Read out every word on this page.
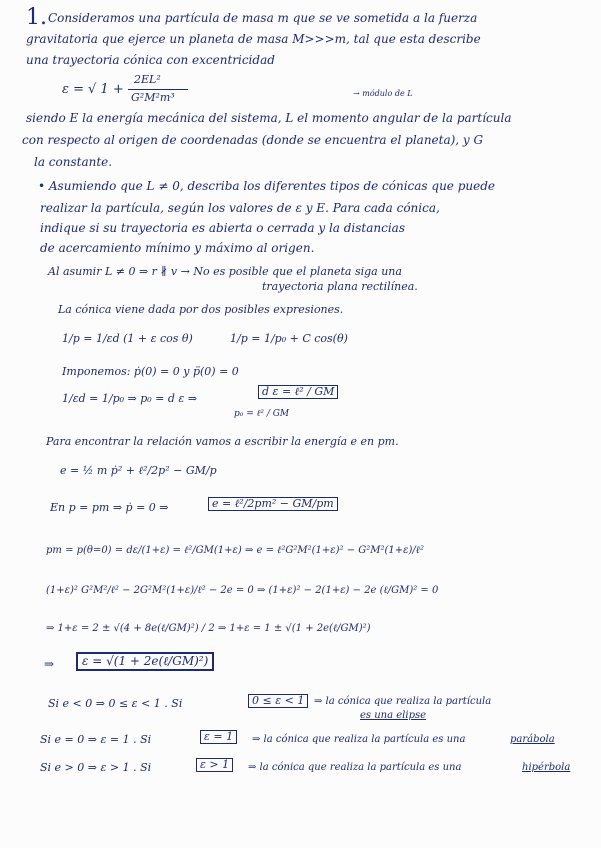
1. Consideramos una partícula de masa m que se ve sometida a la fuerza
gravitatoria que ejerce un planeta de masa M>>>m, tal que esta describe
una trayectoria cónica con excentricidad
ε = √ 1 +
2EL²
G²M²m³	→ módulo de L
siendo E la energía mecánica del sistema, L el momento angular de la partícula
con respecto al origen de coordenadas (donde se encuentra el planeta), y G
la constante.
• Asumiendo que L ≠ 0, describa los diferentes tipos de cónicas que puede
realizar la partícula, según los valores de ε y E. Para cada cónica,
indique si su trayectoria es abierta o cerrada y la distancias
de acercamiento mínimo y máximo al origen.
Al asumir L ≠ 0 ⇒ r ∦ v → No es posible que el planeta siga una
trayectoria plana rectilínea.
La cónica viene dada por dos posibles expresiones.
1/p = 1/εd (1 + ε cos θ)	1/p = 1/p₀ + C cos(θ)
Imponemos: ṗ(0) = 0 y p̈(0) = 0
1/εd = 1/p₀ ⇒ p₀ = d ε ⇒
d ε = ℓ² / GM
p₀ = ℓ² / GM
Para encontrar la relación vamos a escribir la energía e en pm.
e = ½ m ṗ² + ℓ²/2p² − GM/p
En p = pm ⇒ ṗ = 0 ⇒	e = ℓ²/2pm² − GM/pm
pm = p(θ=0) = dε/(1+ε) = ℓ²/GM(1+ε) ⇒ e = ℓ²G²M²(1+ε)² − G²M²(1+ε)/ℓ²
(1+ε)² G²M²/ℓ² − 2G²M²(1+ε)/ℓ² − 2e = 0 ⇒ (1+ε)² − 2(1+ε) − 2e (ℓ/GM)² = 0
⇒ 1+ε = 2 ± √(4 + 8e(ℓ/GM)²) / 2 ⇒ 1+ε = 1 ± √(1 + 2e(ℓ/GM)²)
⇒	ε = √(1 + 2e(ℓ/GM)²)
Si e < 0 ⇒ 0 ≤ ε < 1 . Si	0 ≤ ε < 1 ⇒ la cónica que realiza la partícula
es una elipse
Si e = 0 ⇒ ε = 1 . Si	ε = 1	⇒ la cónica que realiza la partícula es una	parábola
Si e > 0 ⇒ ε > 1 . Si	ε > 1	⇒ la cónica que realiza la partícula es una	hipérbola
